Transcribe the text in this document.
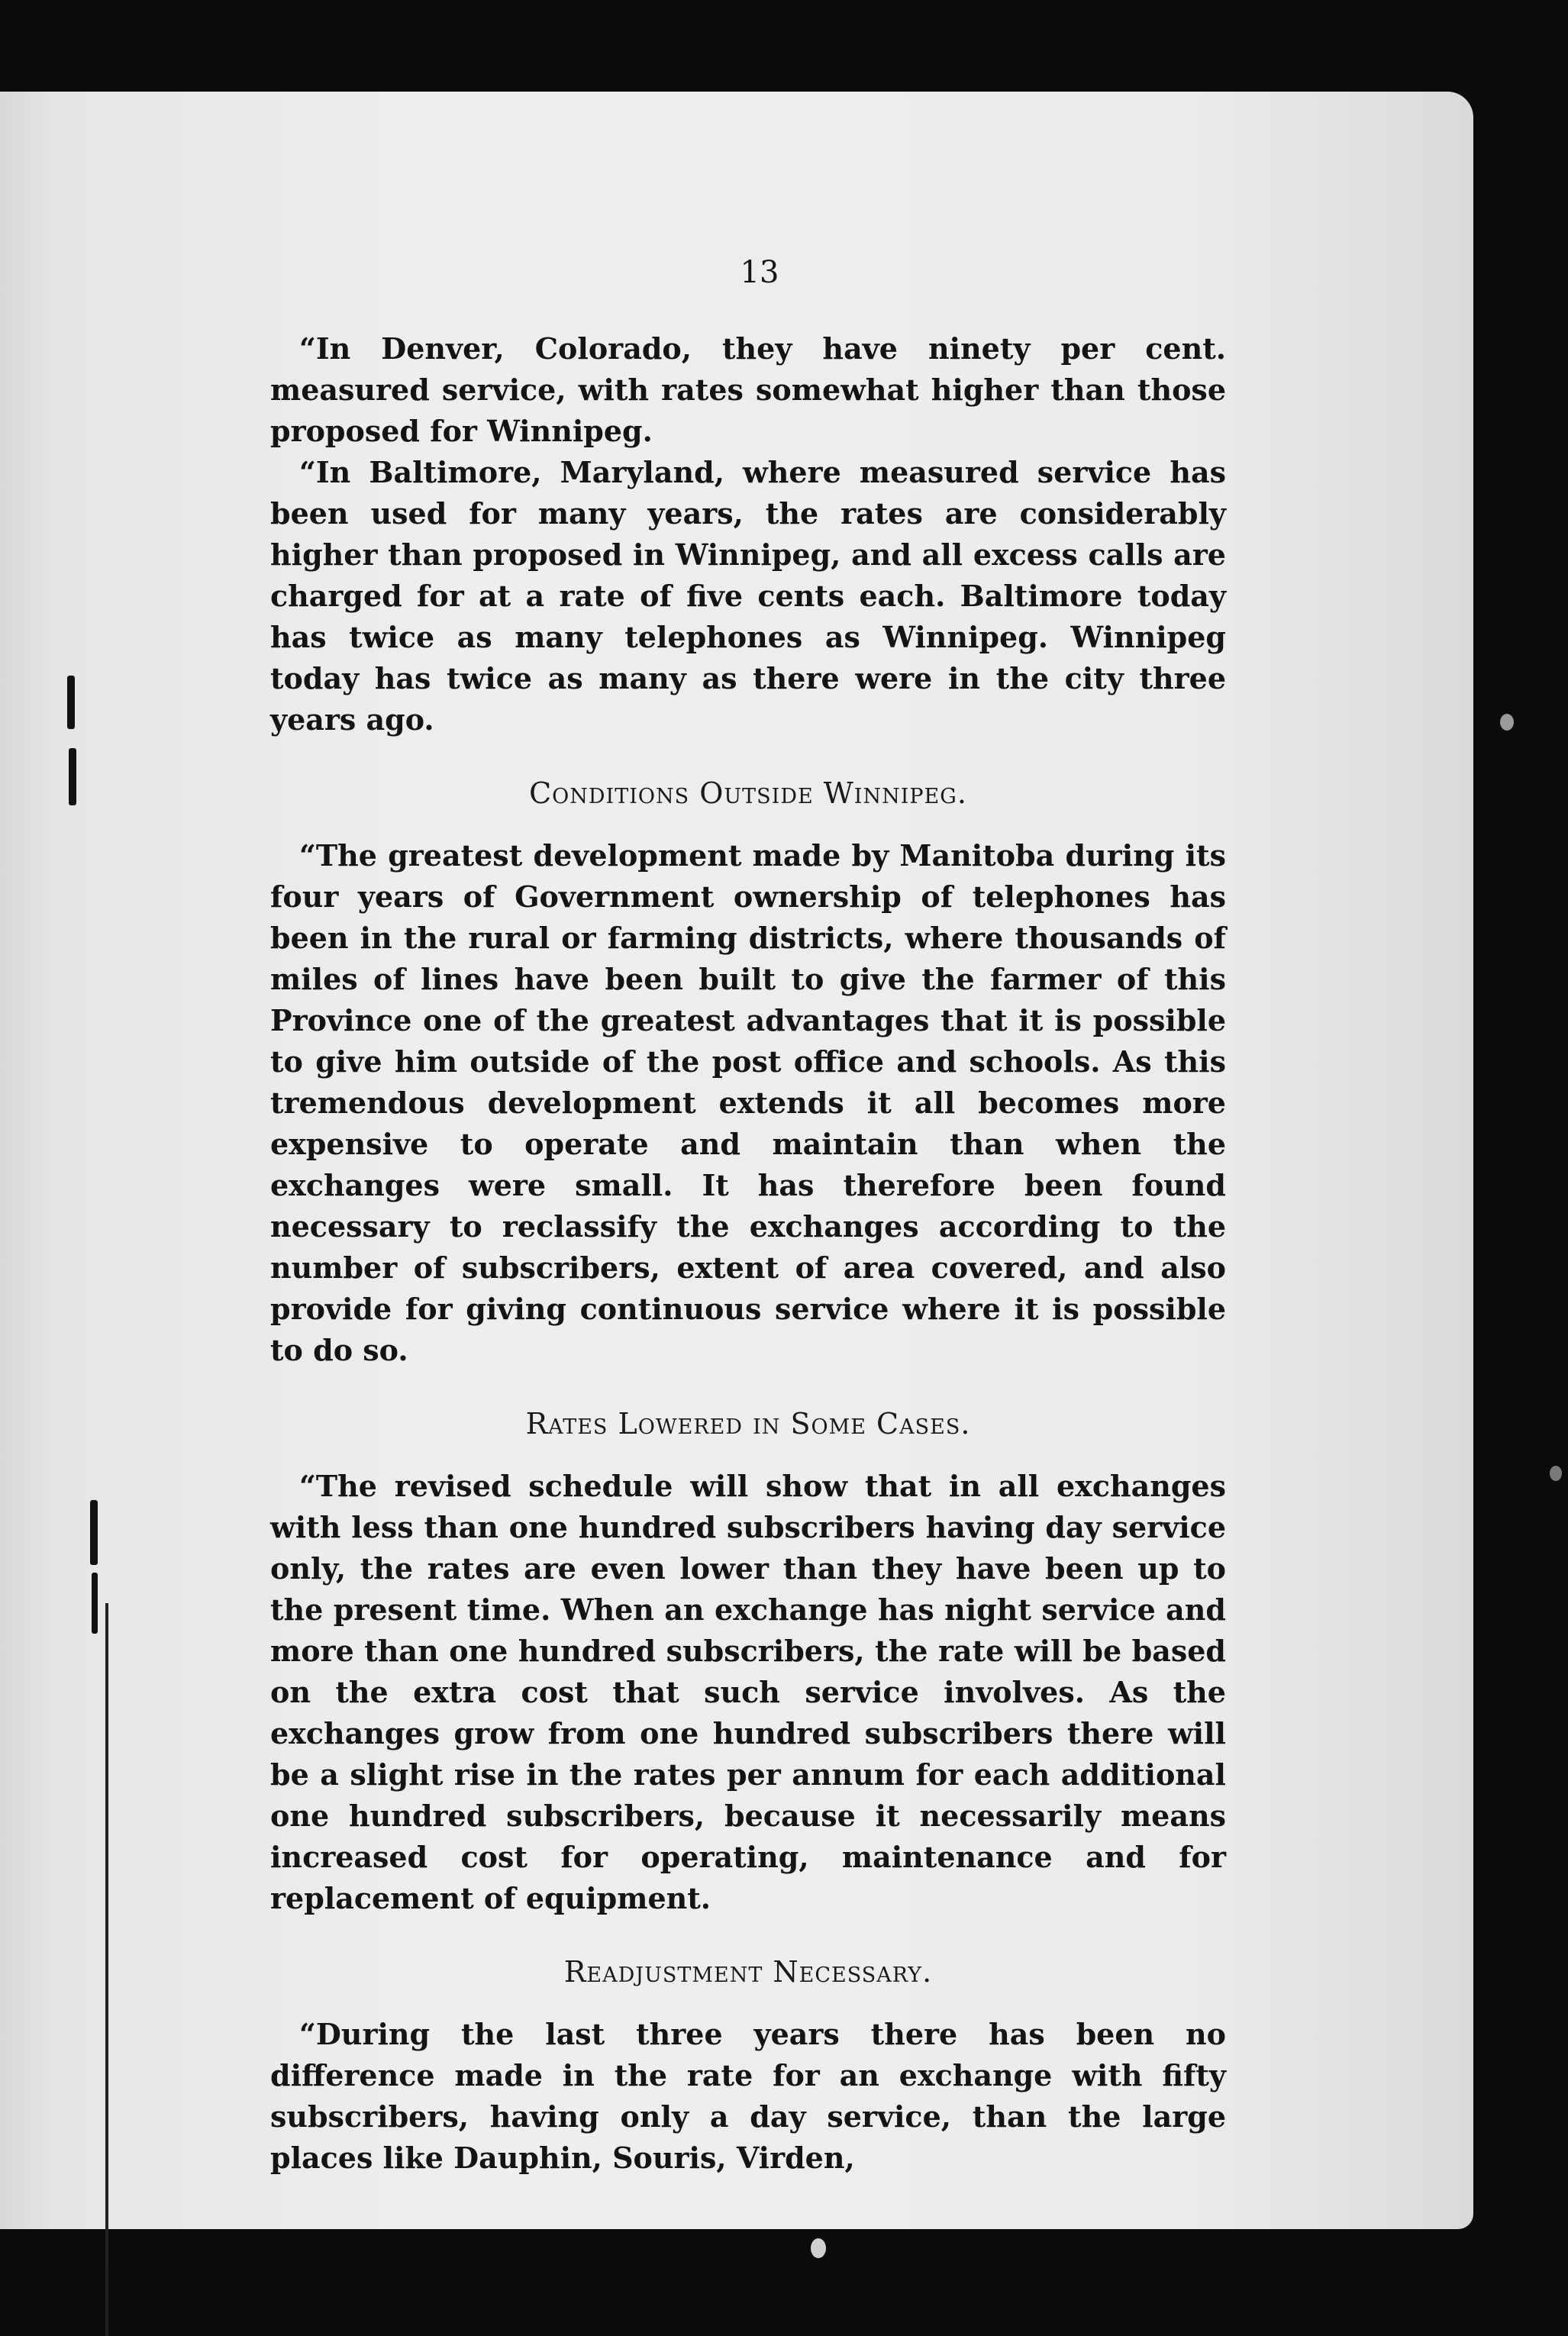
13

“In Denver, Colorado, they have ninety per cent. measured service, with rates somewhat higher than those proposed for Winnipeg.

“In Baltimore, Maryland, where measured service has been used for many years, the rates are considerably higher than proposed in Winnipeg, and all excess calls are charged for at a rate of five cents each. Baltimore today has twice as many telephones as Winnipeg. Winnipeg today has twice as many as there were in the city three years ago.

Conditions Outside Winnipeg.

“The greatest development made by Manitoba during its four years of Government ownership of telephones has been in the rural or farming districts, where thousands of miles of lines have been built to give the farmer of this Province one of the greatest advantages that it is possible to give him outside of the post office and schools. As this tremendous development extends it all becomes more expensive to operate and maintain than when the exchanges were small. It has therefore been found necessary to reclassify the exchanges according to the number of subscribers, extent of area covered, and also provide for giving continuous service where it is possible to do so.

Rates Lowered in Some Cases.

“The revised schedule will show that in all exchanges with less than one hundred subscribers having day service only, the rates are even lower than they have been up to the present time. When an exchange has night service and more than one hundred subscribers, the rate will be based on the extra cost that such service involves. As the exchanges grow from one hundred subscribers there will be a slight rise in the rates per annum for each additional one hundred subscribers, because it necessarily means increased cost for operating, maintenance and for replacement of equipment.

Readjustment Necessary.

“During the last three years there has been no difference made in the rate for an exchange with fifty subscribers, having only a day service, than the large places like Dauphin, Souris, Virden,
